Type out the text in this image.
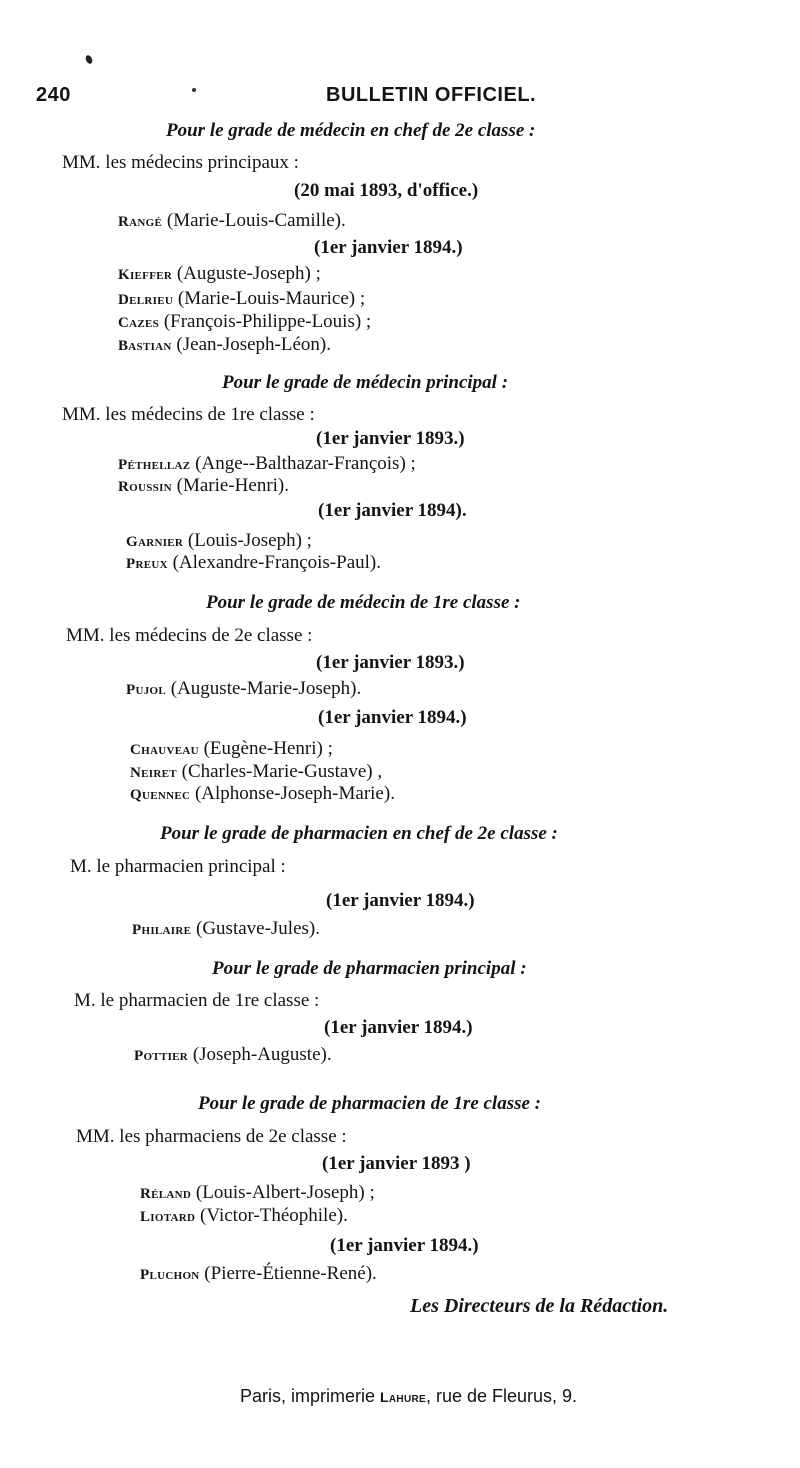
240	BULLETIN OFFICIEL.
Pour le grade de médecin en chef de 2e classe :
MM. les médecins principaux :
(20 mai 1893, d'office.)
Rangé (Marie-Louis-Camille).
(1er janvier 1894.)
Kieffer (Auguste-Joseph) ;
Delrieu (Marie-Louis-Maurice) ;
Cazes (François-Philippe-Louis) ;
Bastian (Jean-Joseph-Léon).
Pour le grade de médecin principal :
MM. les médecins de 1re classe :
(1er janvier 1893.)
Péthellaz (Ange--Balthazar-François) ;
Roussin (Marie-Henri).
(1er janvier 1894).
Garnier (Louis-Joseph) ;
Preux (Alexandre-François-Paul).
Pour le grade de médecin de 1re classe :
MM. les médecins de 2e classe :
(1er janvier 1893.)
Pujol (Auguste-Marie-Joseph).
(1er janvier 1894.)
Chauveau (Eugène-Henri) ;
Neiret (Charles-Marie-Gustave) ,
Quennec (Alphonse-Joseph-Marie).
Pour le grade de pharmacien en chef de 2e classe :
M. le pharmacien principal :
(1er janvier 1894.)
Philaire (Gustave-Jules).
Pour le grade de pharmacien principal :
M. le pharmacien de 1re classe :
(1er janvier 1894.)
Pottier (Joseph-Auguste).
Pour le grade de pharmacien de 1re classe :
MM. les pharmaciens de 2e classe :
(1er janvier 1893 )
Réland (Louis-Albert-Joseph) ;
Liotard (Victor-Théophile).
(1er janvier 1894.)
Pluchon (Pierre-Étienne-René).
Les Directeurs de la Rédaction.
Paris, imprimerie Lahure, rue de Fleurus, 9.
